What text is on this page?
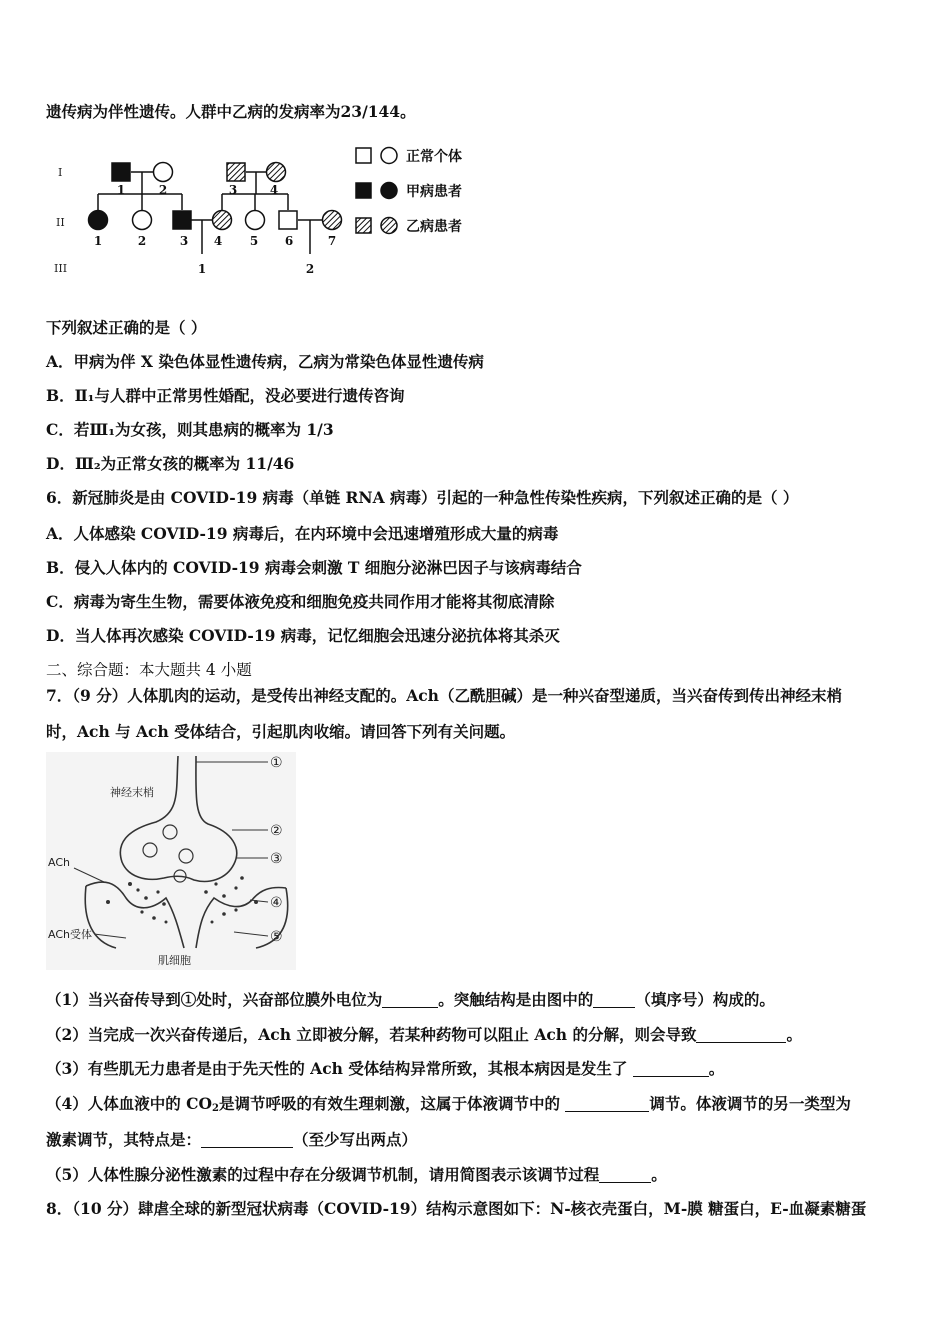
遗传病为伴性遗传。人群中乙病的发病率为23/144。
I
II
III
1	2	3	4
1	2	3 4 5 6	7
1	2
正常个体
甲病患者
乙病患者
下列叙述正确的是（ ）
A．甲病为伴 X 染色体显性遗传病，乙病为常染色体显性遗传病
B．Ⅱ₁与人群中正常男性婚配，没必要进行遗传咨询
C．若Ⅲ₁为女孩，则其患病的概率为 1/3
D．Ⅲ₂为正常女孩的概率为 11/46
6．新冠肺炎是由 COVID-19 病毒（单链 RNA 病毒）引起的一种急性传染性疾病，下列叙述正确的是（ ）
A．人体感染 COVID-19 病毒后，在内环境中会迅速增殖形成大量的病毒
B．侵入人体内的 COVID-19 病毒会刺激 T 细胞分泌淋巴因子与该病毒结合
C．病毒为寄生生物，需要体液免疫和细胞免疫共同作用才能将其彻底清除
D．当人体再次感染 COVID-19 病毒，记忆细胞会迅速分泌抗体将其杀灭
二、综合题：本大题共 4 小题
7．（9 分）人体肌肉的运动，是受传出神经支配的。Ach（乙酰胆碱）是一种兴奋型递质，当兴奋传到传出神经末梢
时，Ach 与 Ach 受体结合，引起肌肉收缩。请回答下列有关问题。
神经末梢
ACh
ACh受体
肌细胞
①
②
③
④
⑤
（1）当兴奋传导到①处时，兴奋部位膜外电位为	。突触结构是由图中的	（填序号）构成的。
（2）当完成一次兴奋传递后，Ach 立即被分解，若某种药物可以阻止 Ach 的分解，则会导致	。
（3）有些肌无力患者是由于先天性的 Ach 受体结构异常所致，其根本病因是发生了	。
（4）人体血液中的 $CO_2$是调节呼吸的有效生理刺激，这属于体液调节中的	调节。体液调节的另一类型为
激素调节，其特点是：	（至少写出两点）
（5）人体性腺分泌性激素的过程中存在分级调节机制，请用简图表示该调节过程	。
8．（10 分）肆虐全球的新型冠状病毒（COVID-19）结构示意图如下：N-核衣壳蛋白，M-膜 糖蛋白，E-血凝素糖蛋
